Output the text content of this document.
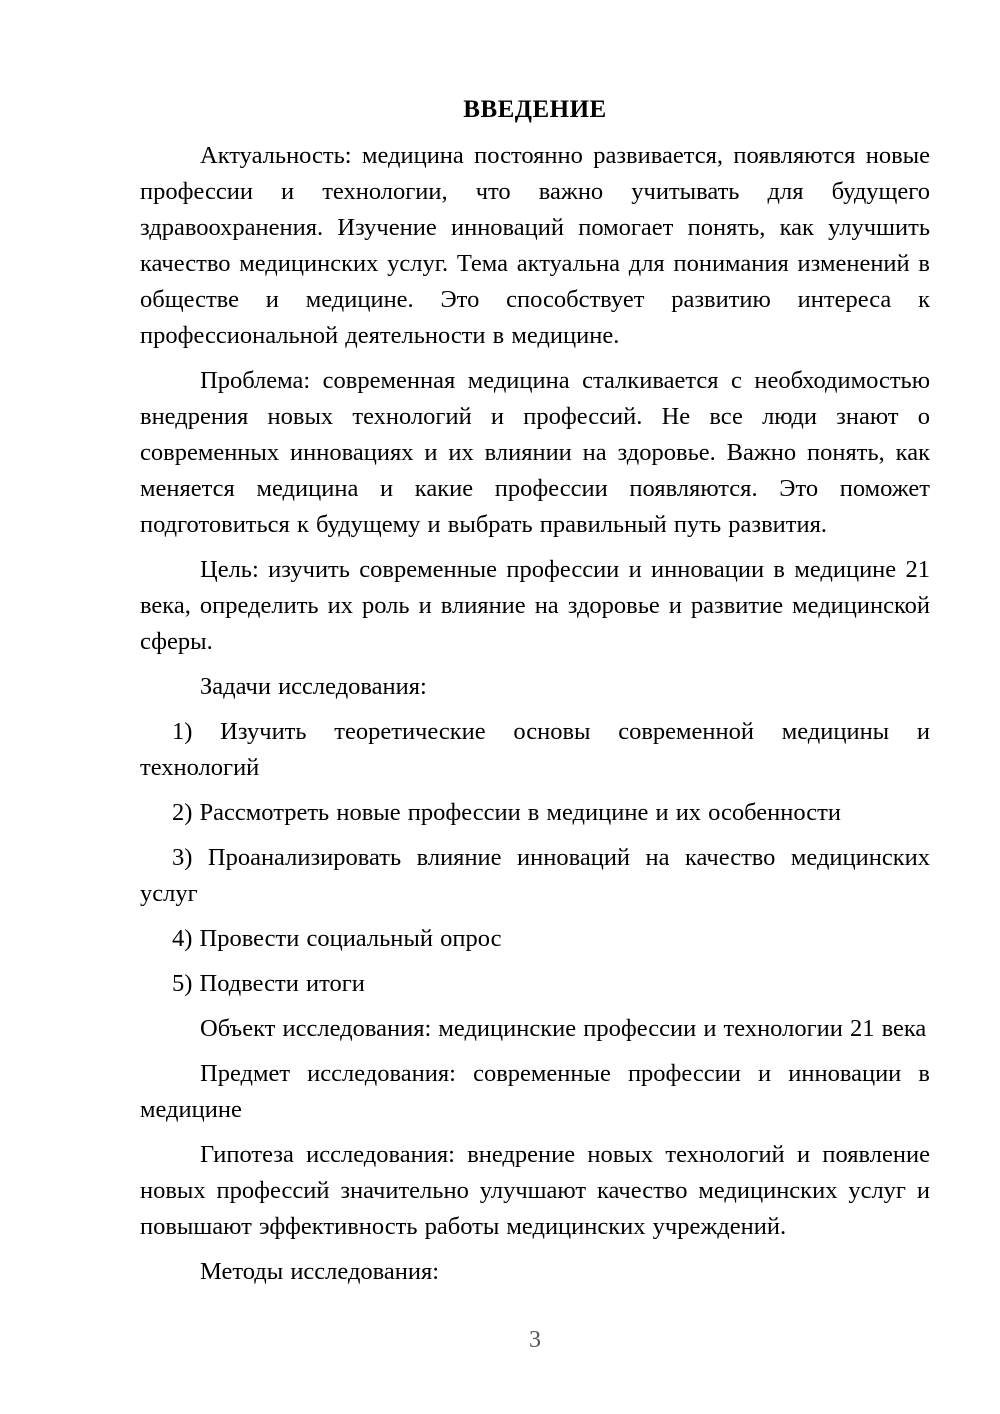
ВВЕДЕНИЕ

Актуальность: медицина постоянно развивается, появляются новые профессии и технологии, что важно учитывать для будущего здравоохранения. Изучение инноваций помогает понять, как улучшить качество медицинских услуг. Тема актуальна для понимания изменений в обществе и медицине. Это способствует развитию интереса к профессиональной деятельности в медицине.

Проблема: современная медицина сталкивается с необходимостью внедрения новых технологий и профессий. Не все люди знают о современных инновациях и их влиянии на здоровье. Важно понять, как меняется медицина и какие профессии появляются. Это поможет подготовиться к будущему и выбрать правильный путь развития.

Цель: изучить современные профессии и инновации в медицине 21 века, определить их роль и влияние на здоровье и развитие медицинской сферы.

Задачи исследования:

1) Изучить теоретические основы современной медицины и технологий

2) Рассмотреть новые профессии в медицине и их особенности

3) Проанализировать влияние инноваций на качество медицинских услуг

4) Провести социальный опрос

5) Подвести итоги

Объект исследования: медицинские профессии и технологии 21 века

Предмет исследования: современные профессии и инновации в медицине

Гипотеза исследования: внедрение новых технологий и появление новых профессий значительно улучшают качество медицинских услуг и повышают эффективность работы медицинских учреждений.

Методы исследования:

3
